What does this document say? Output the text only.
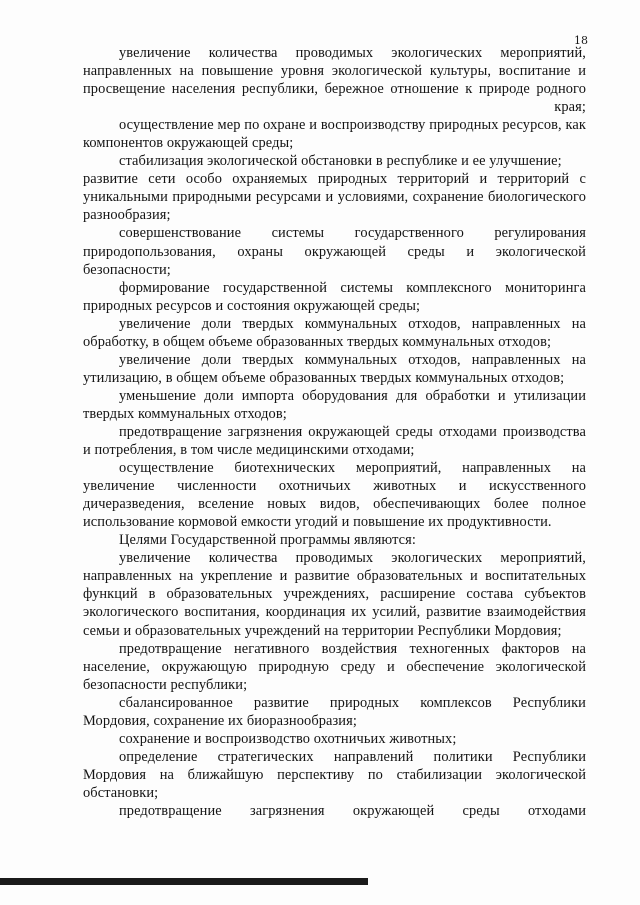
18

увеличение количества проводимых экологических мероприятий, направленных на повышение уровня экологической культуры, воспитание и просвещение населения республики, бережное отношение к природе родного края;

осуществление мер по охране и воспроизводству природных ресурсов, как компонентов окружающей среды;

стабилизация экологической обстановки в республике и ее улучшение;

развитие сети особо охраняемых природных территорий и территорий с уникальными природными ресурсами и условиями, сохранение биологического разнообразия;

совершенствование системы государственного регулирования природопользования, охраны окружающей среды и экологической безопасности;

формирование государственной системы комплексного мониторинга природных ресурсов и состояния окружающей среды;

увеличение доли твердых коммунальных отходов, направленных на обработку, в общем объеме образованных твердых коммунальных отходов;

увеличение доли твердых коммунальных отходов, направленных на утилизацию, в общем объеме образованных твердых коммунальных отходов;

уменьшение доли импорта оборудования для обработки и утилизации твердых коммунальных отходов;

предотвращение загрязнения окружающей среды отходами производства и потребления, в том числе медицинскими отходами;

осуществление биотехнических мероприятий, направленных на увеличение численности охотничьих животных и искусственного дичеразведения, вселение новых видов, обеспечивающих более полное использование кормовой емкости угодий и повышение их продуктивности.

Целями Государственной программы являются:

увеличение количества проводимых экологических мероприятий, направленных на укрепление и развитие образовательных и воспитательных функций в образовательных учреждениях, расширение состава субъектов экологического воспитания, координация их усилий, развитие взаимодействия семьи и образовательных учреждений на территории Республики Мордовия;

предотвращение негативного воздействия техногенных факторов на население, окружающую природную среду и обеспечение экологической безопасности республики;

сбалансированное развитие природных комплексов Республики Мордовия, сохранение их биоразнообразия;

сохранение и воспроизводство охотничьих животных;

определение стратегических направлений политики Республики Мордовия на ближайшую перспективу по стабилизации экологической обстановки;

предотвращение загрязнения окружающей среды отходами
